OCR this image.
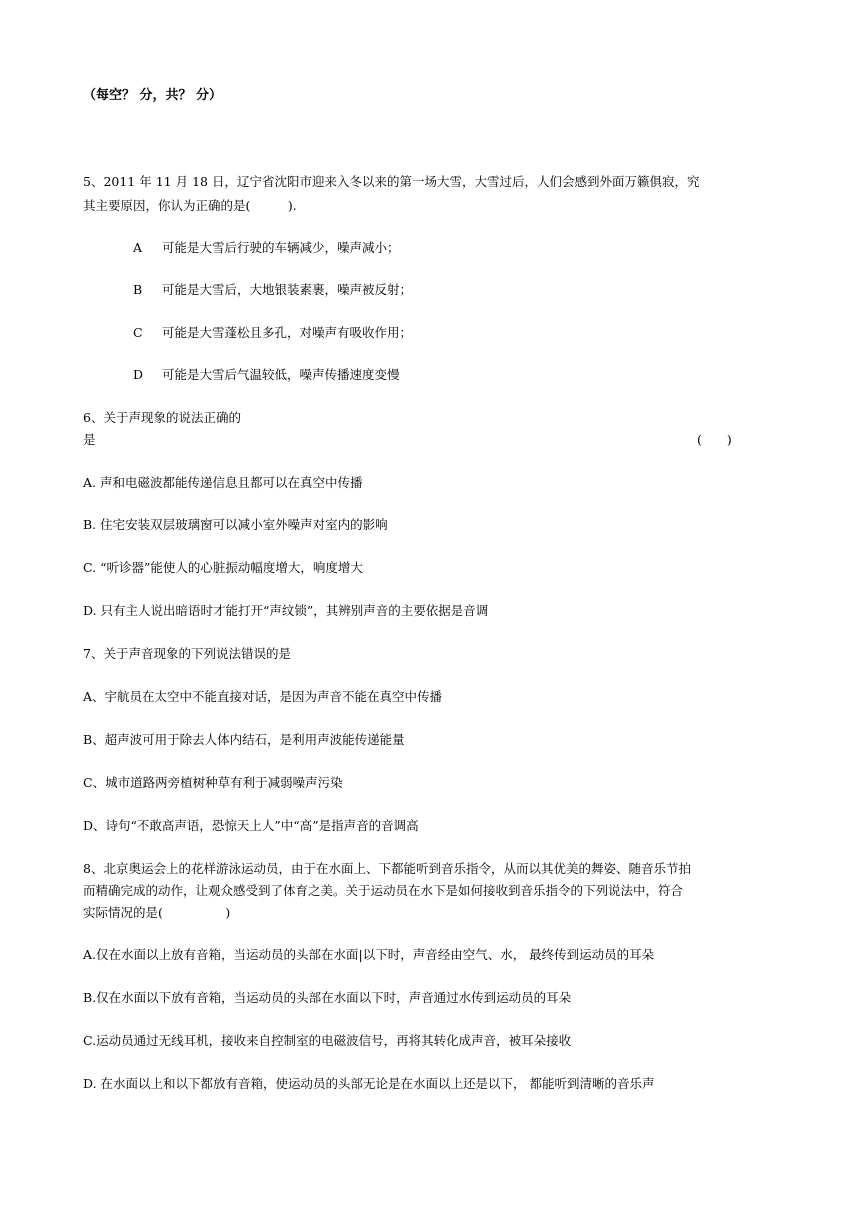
（每空？ 分，共？ 分）
5、2011 年 11 月 18 日，辽宁省沈阳市迎来入冬以来的第一场大雪，大雪过后，人们会感到外面万籁俱寂，究
其主要原因，你认为正确的是(　　　).
A 可能是大雪后行驶的车辆减少，噪声减小；
B 可能是大雪后，大地银装素裹，噪声被反射；
C 可能是大雪蓬松且多孔，对噪声有吸收作用；
D 可能是大雪后气温较低，噪声传播速度变慢
6、关于声现象的说法正确的
是	(　　)
A. 声和电磁波都能传递信息且都可以在真空中传播
B. 住宅安装双层玻璃窗可以减小室外噪声对室内的影响
C. “听诊器”能使人的心脏振动幅度增大，响度增大
D. 只有主人说出暗语时才能打开“声纹锁”，其辨别声音的主要依据是音调
7、关于声音现象的下列说法错误的是
A、宇航员在太空中不能直接对话，是因为声音不能在真空中传播
B、超声波可用于除去人体内结石，是利用声波能传递能量
C、城市道路两旁植树种草有利于减弱噪声污染
D、诗句“不敢高声语，恐惊天上人”中“高”是指声音的音调高
8、北京奥运会上的花样游泳运动员，由于在水面上、下都能听到音乐指令，从而以其优美的舞姿、随音乐节拍
而精确完成的动作，让观众感受到了体育之美。关于运动员在水下是如何接收到音乐指令的下列说法中，符合
实际情况的是(　　　　　)
A.仅在水面以上放有音箱，当运动员的头部在水面|以下时，声音经由空气、水， 最终传到运动员的耳朵
B.仅在水面以下放有音箱，当运动员的头部在水面以下时，声音通过水传到运动员的耳朵
C.运动员通过无线耳机，接收来自控制室的电磁波信号，再将其转化成声音，被耳朵接收
D. 在水面以上和以下都放有音箱，使运动员的头部无论是在水面以上还是以下， 都能听到清晰的音乐声
